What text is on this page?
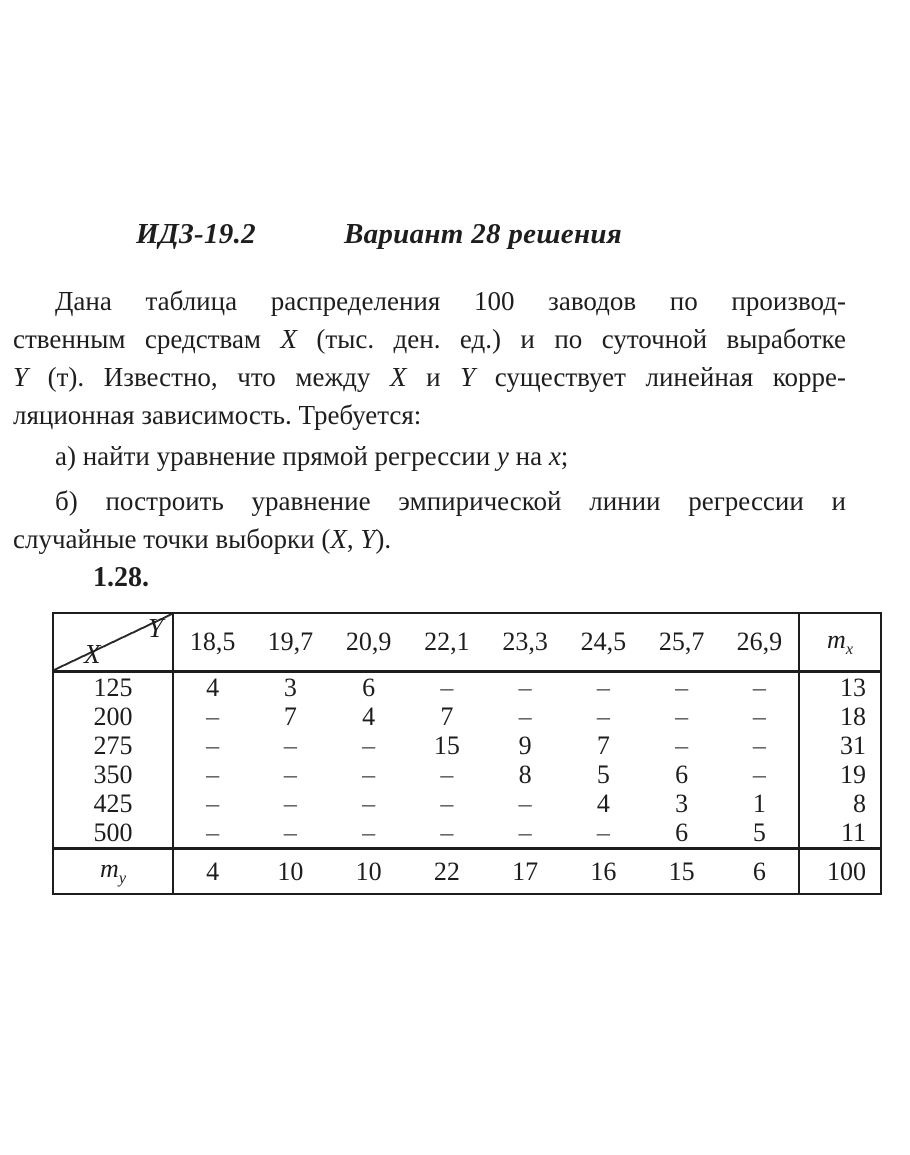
ИДЗ-19.2	Вариант 28 решения
Дана таблица распределения 100 заводов по производ-
ственным средствам X (тыс. ден. ед.) и по суточной выработке
Y (т). Известно, что между X и Y существует линейная корре-
ляционная зависимость. Требуется:
а) найти уравнение прямой регрессии y на x;
б) построить уравнение эмпирической линии регрессии и
случайные точки выборки (X, Y).
1.28.
Y
X	18,5	19,7	20,9	22,1	23,3	24,5	25,7	26,9	$m_x$
125	4	3	6	–	–	–	–	–	13
200	–	7	4	7	–	–	–	–	18
275	–	–	–	15	9	7	–	–	31
350	–	–	–	–	8	5	6	–	19
425	–	–	–	–	–	4	3	1	8
500	–	–	–	–	–	–	6	5	11
$m_y$	4	10	10	22	17	16	15	6	100
